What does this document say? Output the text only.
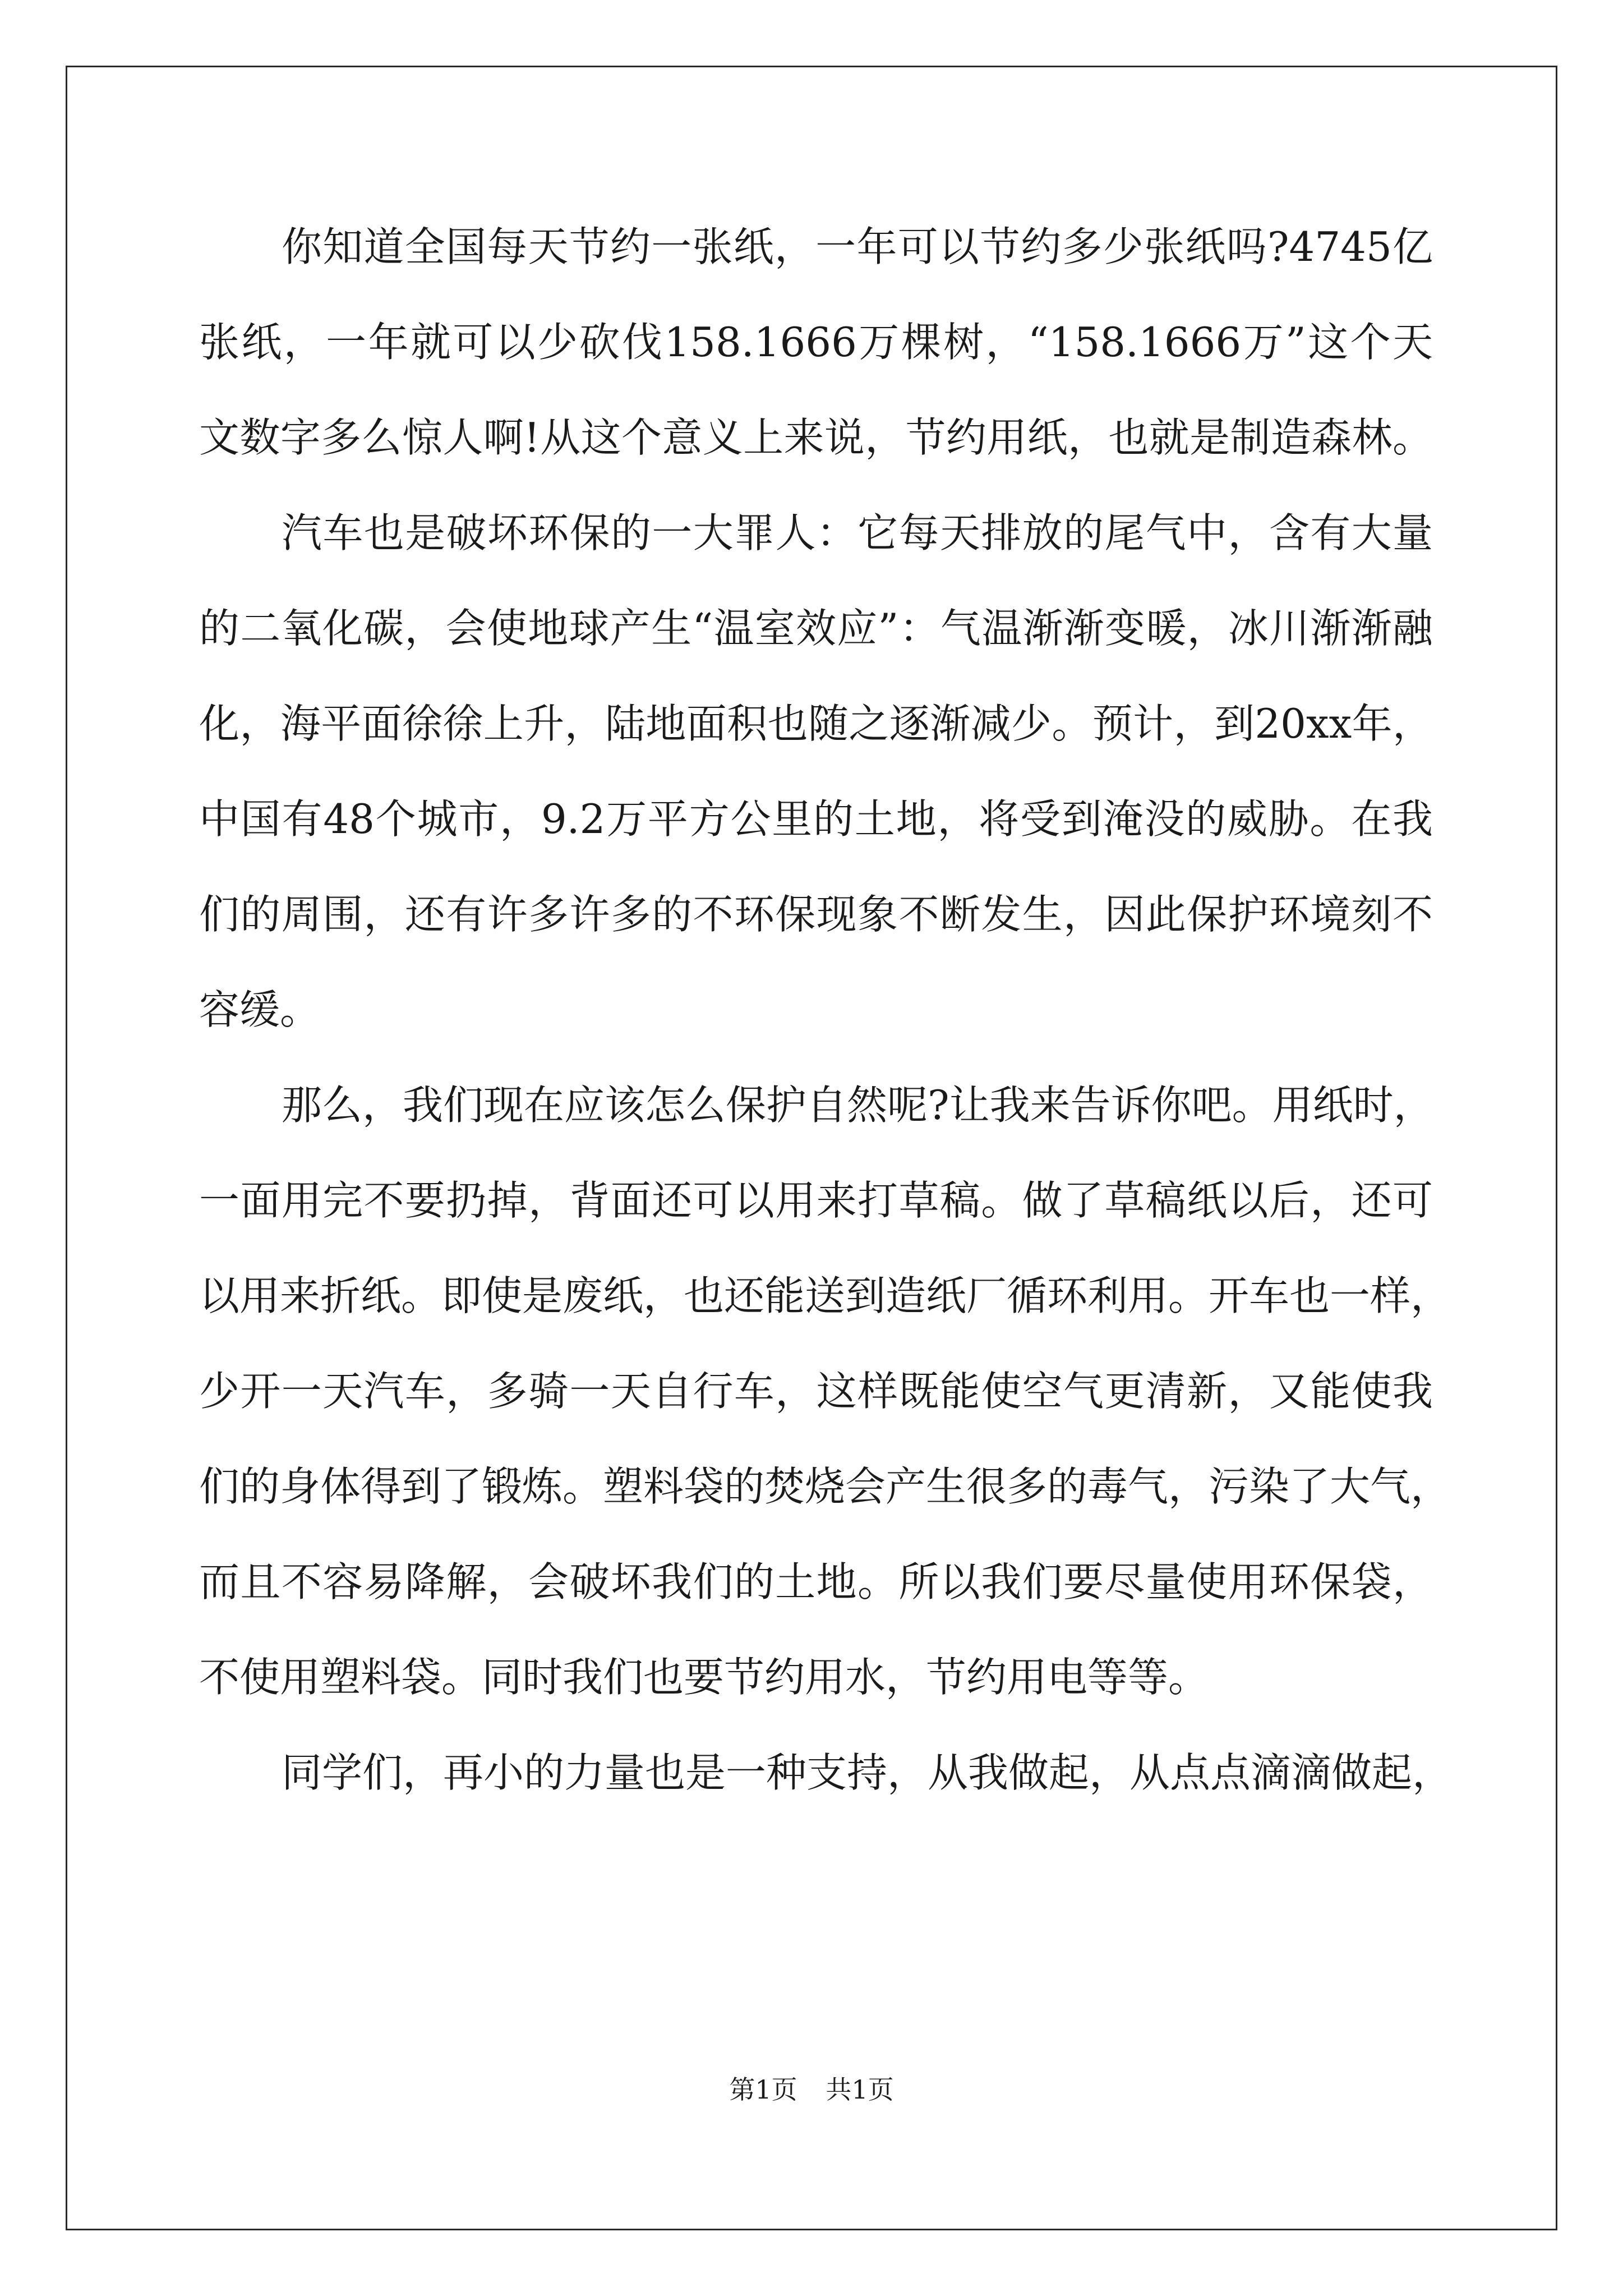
你知道全国每天节约一张纸，一年可以节约多少张纸吗?4745亿
张纸，一年就可以少砍伐158.1666万棵树，“158.1666万”这个天
文数字多么惊人啊!从这个意义上来说，节约用纸，也就是制造森林。
汽车也是破坏环保的一大罪人：它每天排放的尾气中，含有大量
的二氧化碳，会使地球产生“温室效应”：气温渐渐变暖，冰川渐渐融
化，海平面徐徐上升，陆地面积也随之逐渐减少。预计，到20xx年，
中国有48个城市，9.2万平方公里的土地，将受到淹没的威胁。在我
们的周围，还有许多许多的不环保现象不断发生，因此保护环境刻不
容缓。
那么，我们现在应该怎么保护自然呢?让我来告诉你吧。用纸时，
一面用完不要扔掉，背面还可以用来打草稿。做了草稿纸以后，还可
以用来折纸。即使是废纸，也还能送到造纸厂循环利用。开车也一样，
少开一天汽车，多骑一天自行车，这样既能使空气更清新，又能使我
们的身体得到了锻炼。塑料袋的焚烧会产生很多的毒气，污染了大气，
而且不容易降解，会破坏我们的土地。所以我们要尽量使用环保袋，
不使用塑料袋。同时我们也要节约用水，节约用电等等。
同学们，再小的力量也是一种支持，从我做起，从点点滴滴做起，
第1页 共1页
